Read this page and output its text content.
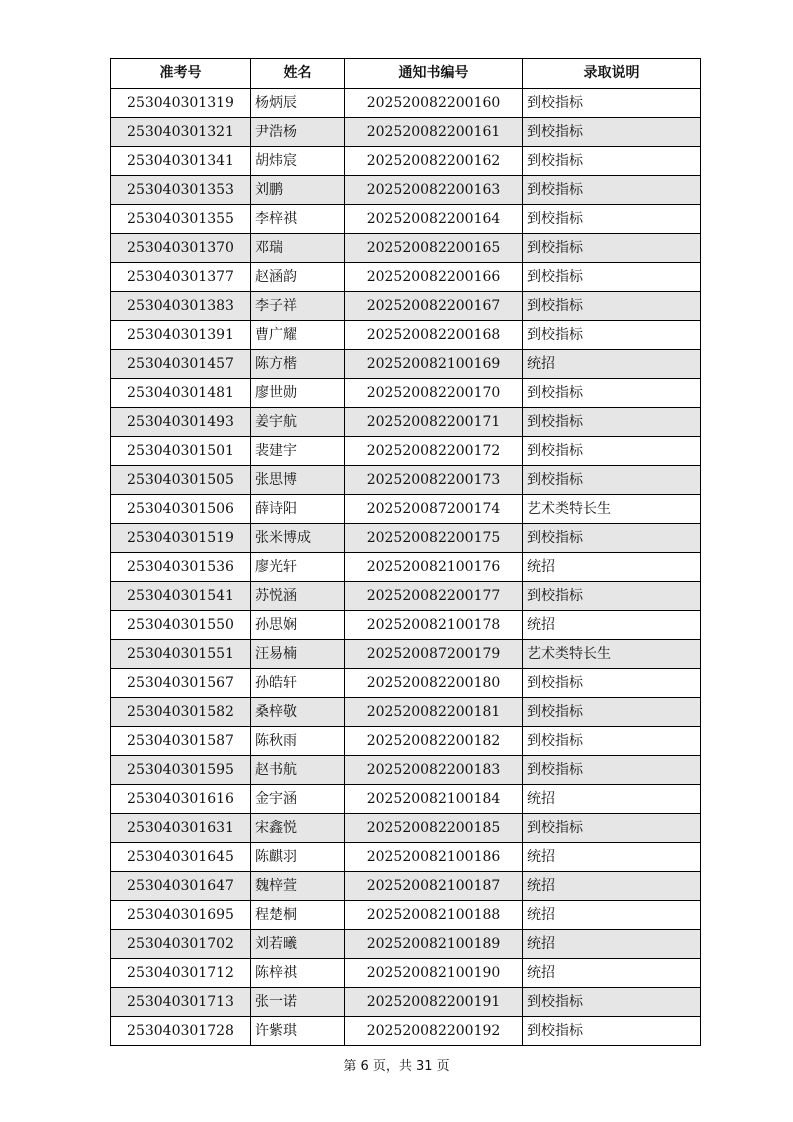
准考号	姓名	通知书编号	录取说明
253040301319	杨炳辰	202520082200160	到校指标
253040301321	尹浩杨	202520082200161	到校指标
253040301341	胡炜宸	202520082200162	到校指标
253040301353	刘鹏	202520082200163	到校指标
253040301355	李梓祺	202520082200164	到校指标
253040301370	邓瑞	202520082200165	到校指标
253040301377	赵涵韵	202520082200166	到校指标
253040301383	李子祥	202520082200167	到校指标
253040301391	曹广耀	202520082200168	到校指标
253040301457	陈方楷	202520082100169	统招
253040301481	廖世勋	202520082200170	到校指标
253040301493	姜宇航	202520082200171	到校指标
253040301501	裴建宇	202520082200172	到校指标
253040301505	张思博	202520082200173	到校指标
253040301506	薛诗阳	202520087200174	艺术类特长生
253040301519	张米博成	202520082200175	到校指标
253040301536	廖光轩	202520082100176	统招
253040301541	苏悦涵	202520082200177	到校指标
253040301550	孙思娴	202520082100178	统招
253040301551	汪易楠	202520087200179	艺术类特长生
253040301567	孙皓轩	202520082200180	到校指标
253040301582	桑梓敬	202520082200181	到校指标
253040301587	陈秋雨	202520082200182	到校指标
253040301595	赵书航	202520082200183	到校指标
253040301616	金宇涵	202520082100184	统招
253040301631	宋鑫悦	202520082200185	到校指标
253040301645	陈麒羽	202520082100186	统招
253040301647	魏梓萱	202520082100187	统招
253040301695	程楚桐	202520082100188	统招
253040301702	刘若曦	202520082100189	统招
253040301712	陈梓祺	202520082100190	统招
253040301713	张一诺	202520082200191	到校指标
253040301728	许紫琪	202520082200192	到校指标
第 6 页，共 31 页
